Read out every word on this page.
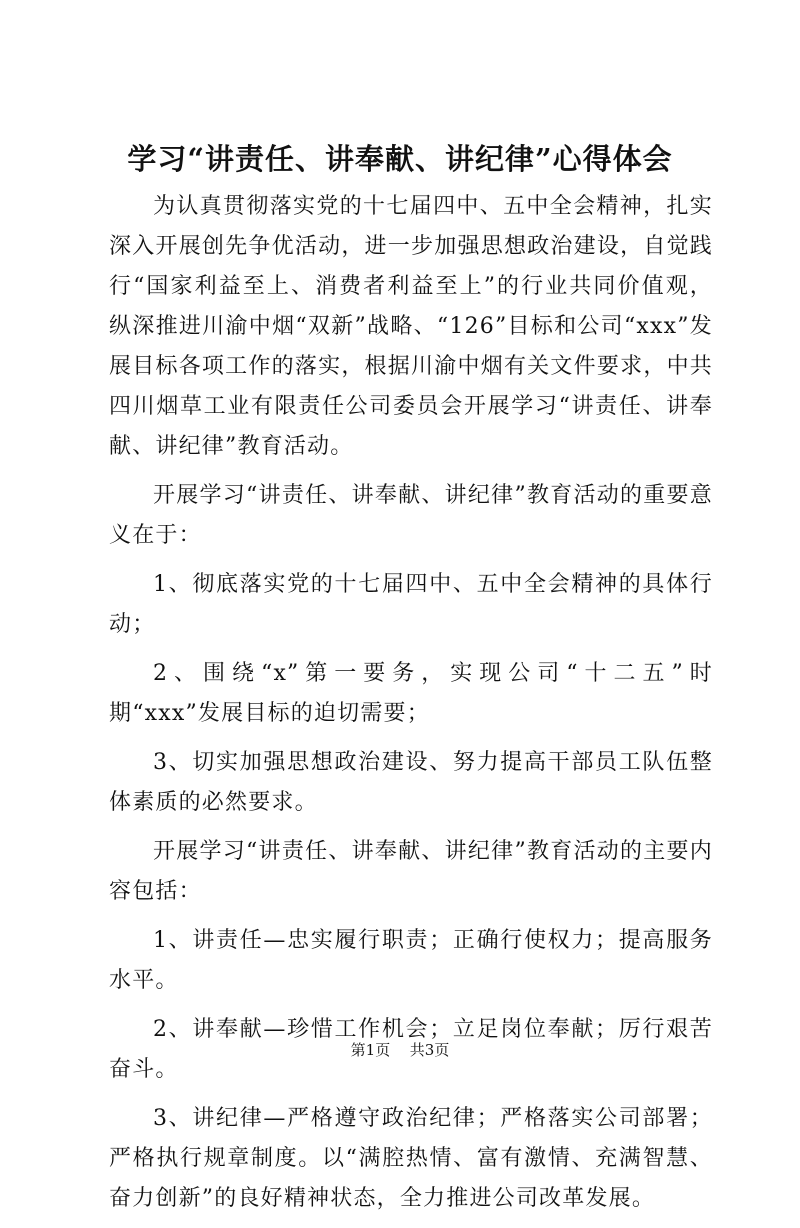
学习“讲责任、讲奉献、讲纪律”心得体会

为认真贯彻落实党的十七届四中、五中全会精神，扎实深入开展创先争优活动，进一步加强思想政治建设，自觉践行“国家利益至上、消费者利益至上”的行业共同价值观，纵深推进川渝中烟“双新”战略、“126”目标和公司“xxx”发展目标各项工作的落实，根据川渝中烟有关文件要求，中共四川烟草工业有限责任公司委员会开展学习“讲责任、讲奉献、讲纪律”教育活动。

开展学习“讲责任、讲奉献、讲纪律”教育活动的重要意义在于：

1、彻底落实党的十七届四中、五中全会精神的具体行动；

2、围绕“x”第一要务，实现公司“十二五”时期“xxx”发展目标的迫切需要；

3、切实加强思想政治建设、努力提高干部员工队伍整体素质的必然要求。

开展学习“讲责任、讲奉献、讲纪律”教育活动的主要内容包括：

1、讲责任—忠实履行职责；正确行使权力；提高服务水平。

2、讲奉献—珍惜工作机会；立足岗位奉献；厉行艰苦奋斗。

3、讲纪律—严格遵守政治纪律；严格落实公司部署；严格执行规章制度。以“满腔热情、富有激情、充满智慧、奋力创新”的良好精神状态，全力推进公司改革发展。

第1页 共3页
